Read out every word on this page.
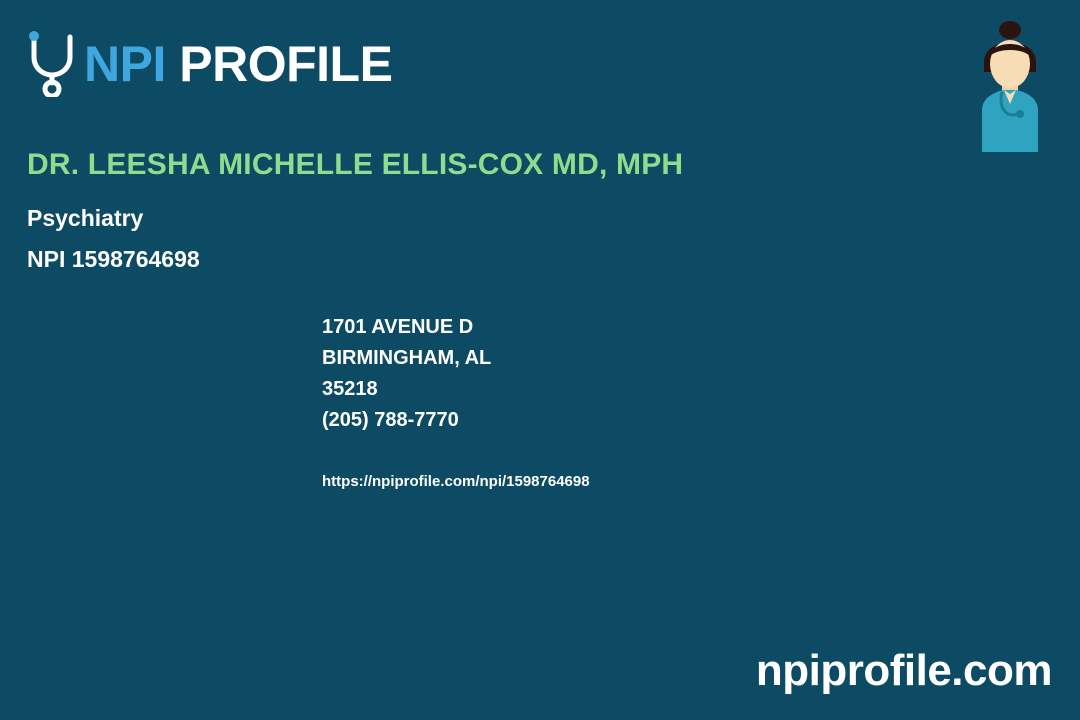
NPI PROFILE
DR. LEESHA MICHELLE ELLIS-COX MD, MPH
Psychiatry
NPI 1598764698
1701 AVENUE D
BIRMINGHAM, AL
35218
(205) 788-7770
https://npiprofile.com/npi/1598764698
npiprofile.com
